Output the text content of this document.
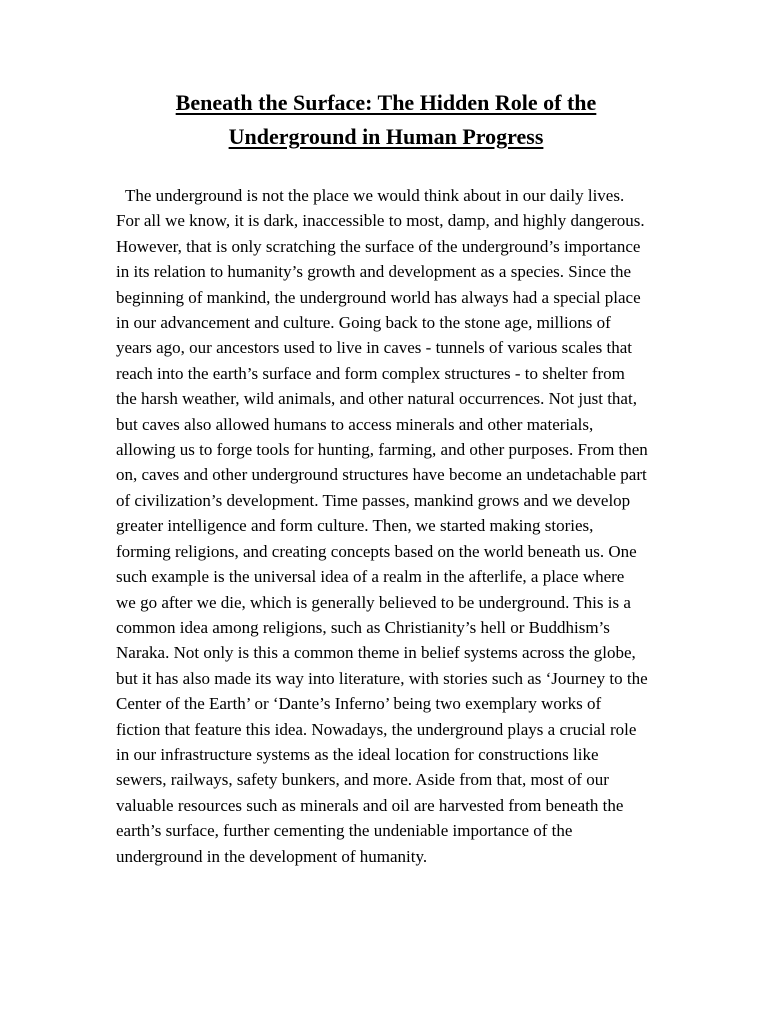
Beneath the Surface: The Hidden Role of the Underground in Human Progress

The underground is not the place we would think about in our daily lives. For all we know, it is dark, inaccessible to most, damp, and highly dangerous. However, that is only scratching the surface of the underground’s importance in its relation to humanity’s growth and development as a species. Since the beginning of mankind, the underground world has always had a special place in our advancement and culture. Going back to the stone age, millions of years ago, our ancestors used to live in caves - tunnels of various scales that reach into the earth’s surface and form complex structures - to shelter from the harsh weather, wild animals, and other natural occurrences. Not just that, but caves also allowed humans to access minerals and other materials, allowing us to forge tools for hunting, farming, and other purposes. From then on, caves and other underground structures have become an undetachable part of civilization’s development. Time passes, mankind grows and we develop greater intelligence and form culture. Then, we started making stories, forming religions, and creating concepts based on the world beneath us. One such example is the universal idea of a realm in the afterlife, a place where we go after we die, which is generally believed to be underground. This is a common idea among religions, such as Christianity’s hell or Buddhism’s Naraka. Not only is this a common theme in belief systems across the globe, but it has also made its way into literature, with stories such as ‘Journey to the Center of the Earth’ or ‘Dante’s Inferno’ being two exemplary works of fiction that feature this idea. Nowadays, the underground plays a crucial role in our infrastructure systems as the ideal location for constructions like sewers, railways, safety bunkers, and more. Aside from that, most of our valuable resources such as minerals and oil are harvested from beneath the earth’s surface, further cementing the undeniable importance of the underground in the development of humanity.
